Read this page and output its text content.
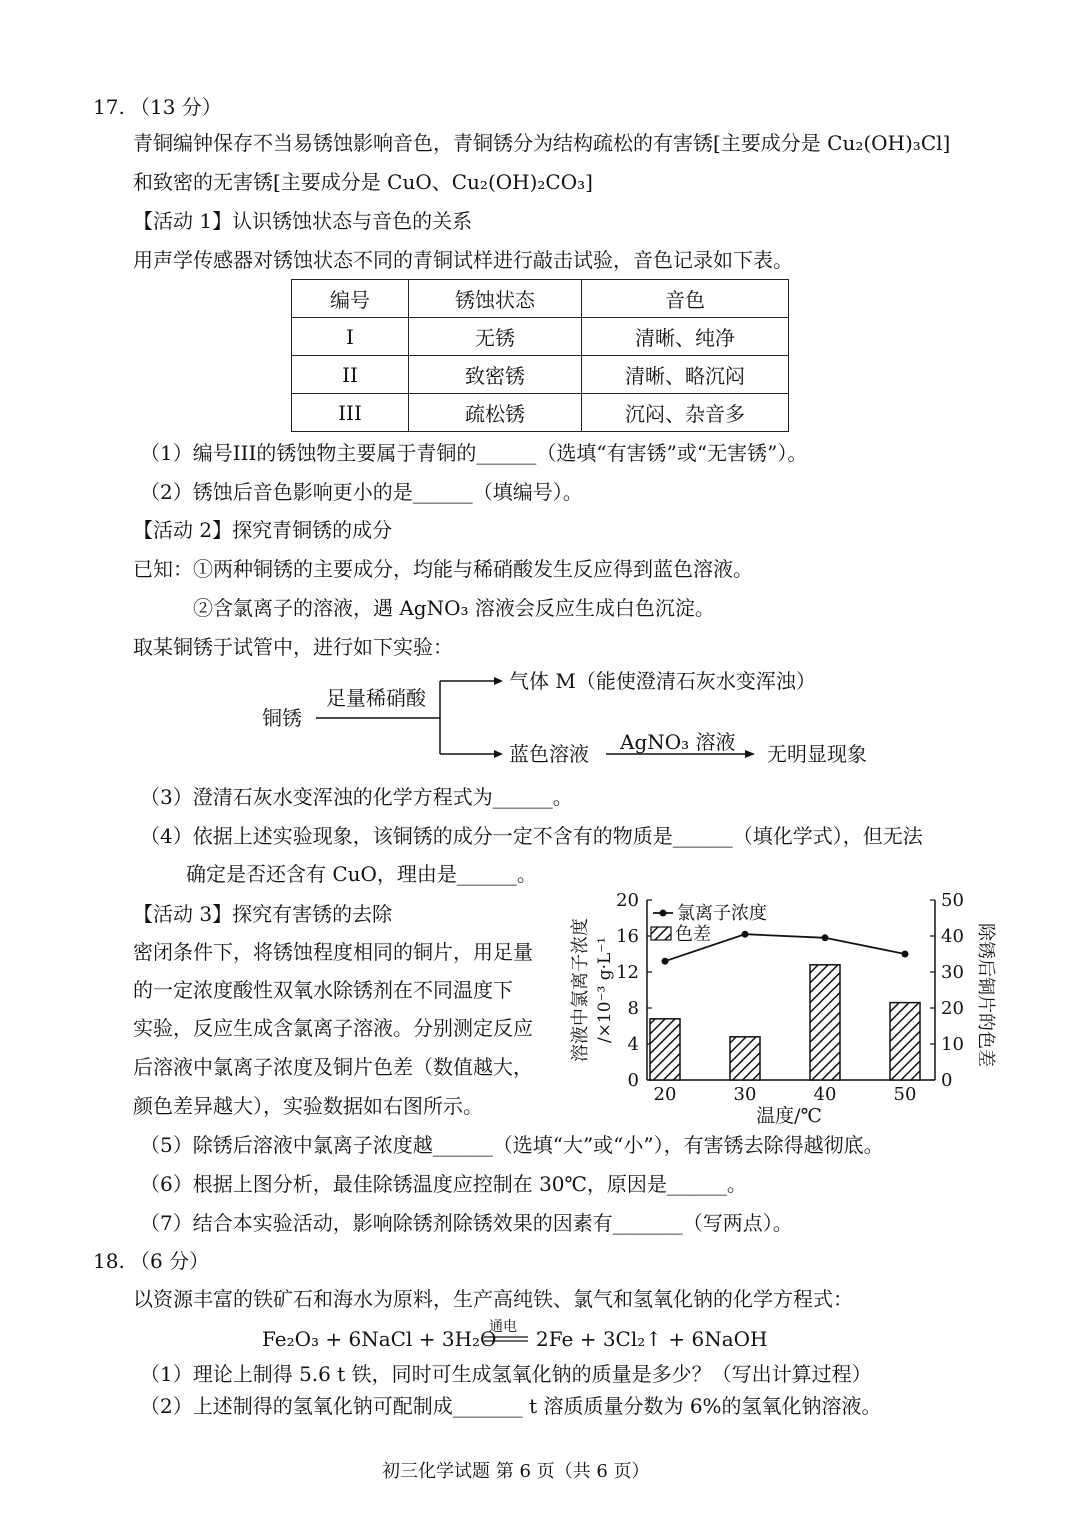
17. （13 分）
青铜编钟保存不当易锈蚀影响音色，青铜锈分为结构疏松的有害锈[主要成分是 Cu₂(OH)₃Cl]
和致密的无害锈[主要成分是 CuO、Cu₂(OH)₂CO₃]
【活动 1】认识锈蚀状态与音色的关系
用声学传感器对锈蚀状态不同的青铜试样进行敲击试验，音色记录如下表。
编号	锈蚀状态	音色
I	无锈	清晰、纯净
II	致密锈	清晰、略沉闷
III	疏松锈	沉闷、杂音多
（1）编号III的锈蚀物主要属于青铜的______（选填“有害锈”或“无害锈”）。
（2）锈蚀后音色影响更小的是______（填编号）。
【活动 2】探究青铜锈的成分
已知：①两种铜锈的主要成分，均能与稀硝酸发生反应得到蓝色溶液。
②含氯离子的溶液，遇 AgNO₃ 溶液会反应生成白色沉淀。
取某铜锈于试管中，进行如下实验：
铜锈
足量稀硝酸
气体 M（能使澄清石灰水变浑浊）
蓝色溶液 AgNO₃ 溶液 无明显现象
（3）澄清石灰水变浑浊的化学方程式为______。
（4）依据上述实验现象，该铜锈的成分一定不含有的物质是______（填化学式），但无法
确定是否还含有 CuO，理由是______。
【活动 3】探究有害锈的去除
密闭条件下，将锈蚀程度相同的铜片，用足量
的一定浓度酸性双氧水除锈剂在不同温度下
实验，反应生成含氯离子溶液。分别测定反应
后溶液中氯离子浓度及铜片色差（数值越大，
颜色差异越大），实验数据如右图所示。
0
4
8
12
16
20
0
10
20
30
40
50
20	30	40	50
温度/℃
氯离子浓度
色差
溶液中氯离子浓度 /×10⁻³ g·L⁻¹	除锈后铜片的色差
（5）除锈后溶液中氯离子浓度越______（选填“大”或“小”），有害锈去除得越彻底。
（6）根据上图分析，最佳除锈温度应控制在 30℃，原因是______。
（7）结合本实验活动，影响除锈剂除锈效果的因素有_______（写两点）。
18. （6 分）
以资源丰富的铁矿石和海水为原料，生产高纯铁、氯气和氢氧化钠的化学方程式：
Fe₂O₃ + 6NaCl + 3H₂O
通电 2Fe + 3Cl₂↑ + 6NaOH
（1）理论上制得 5.6 t 铁，同时可生成氢氧化钠的质量是多少？（写出计算过程）
（2）上述制得的氢氧化钠可配制成_______ t 溶质质量分数为 6%的氢氧化钠溶液。
初三化学试题 第 6 页（共 6 页）
